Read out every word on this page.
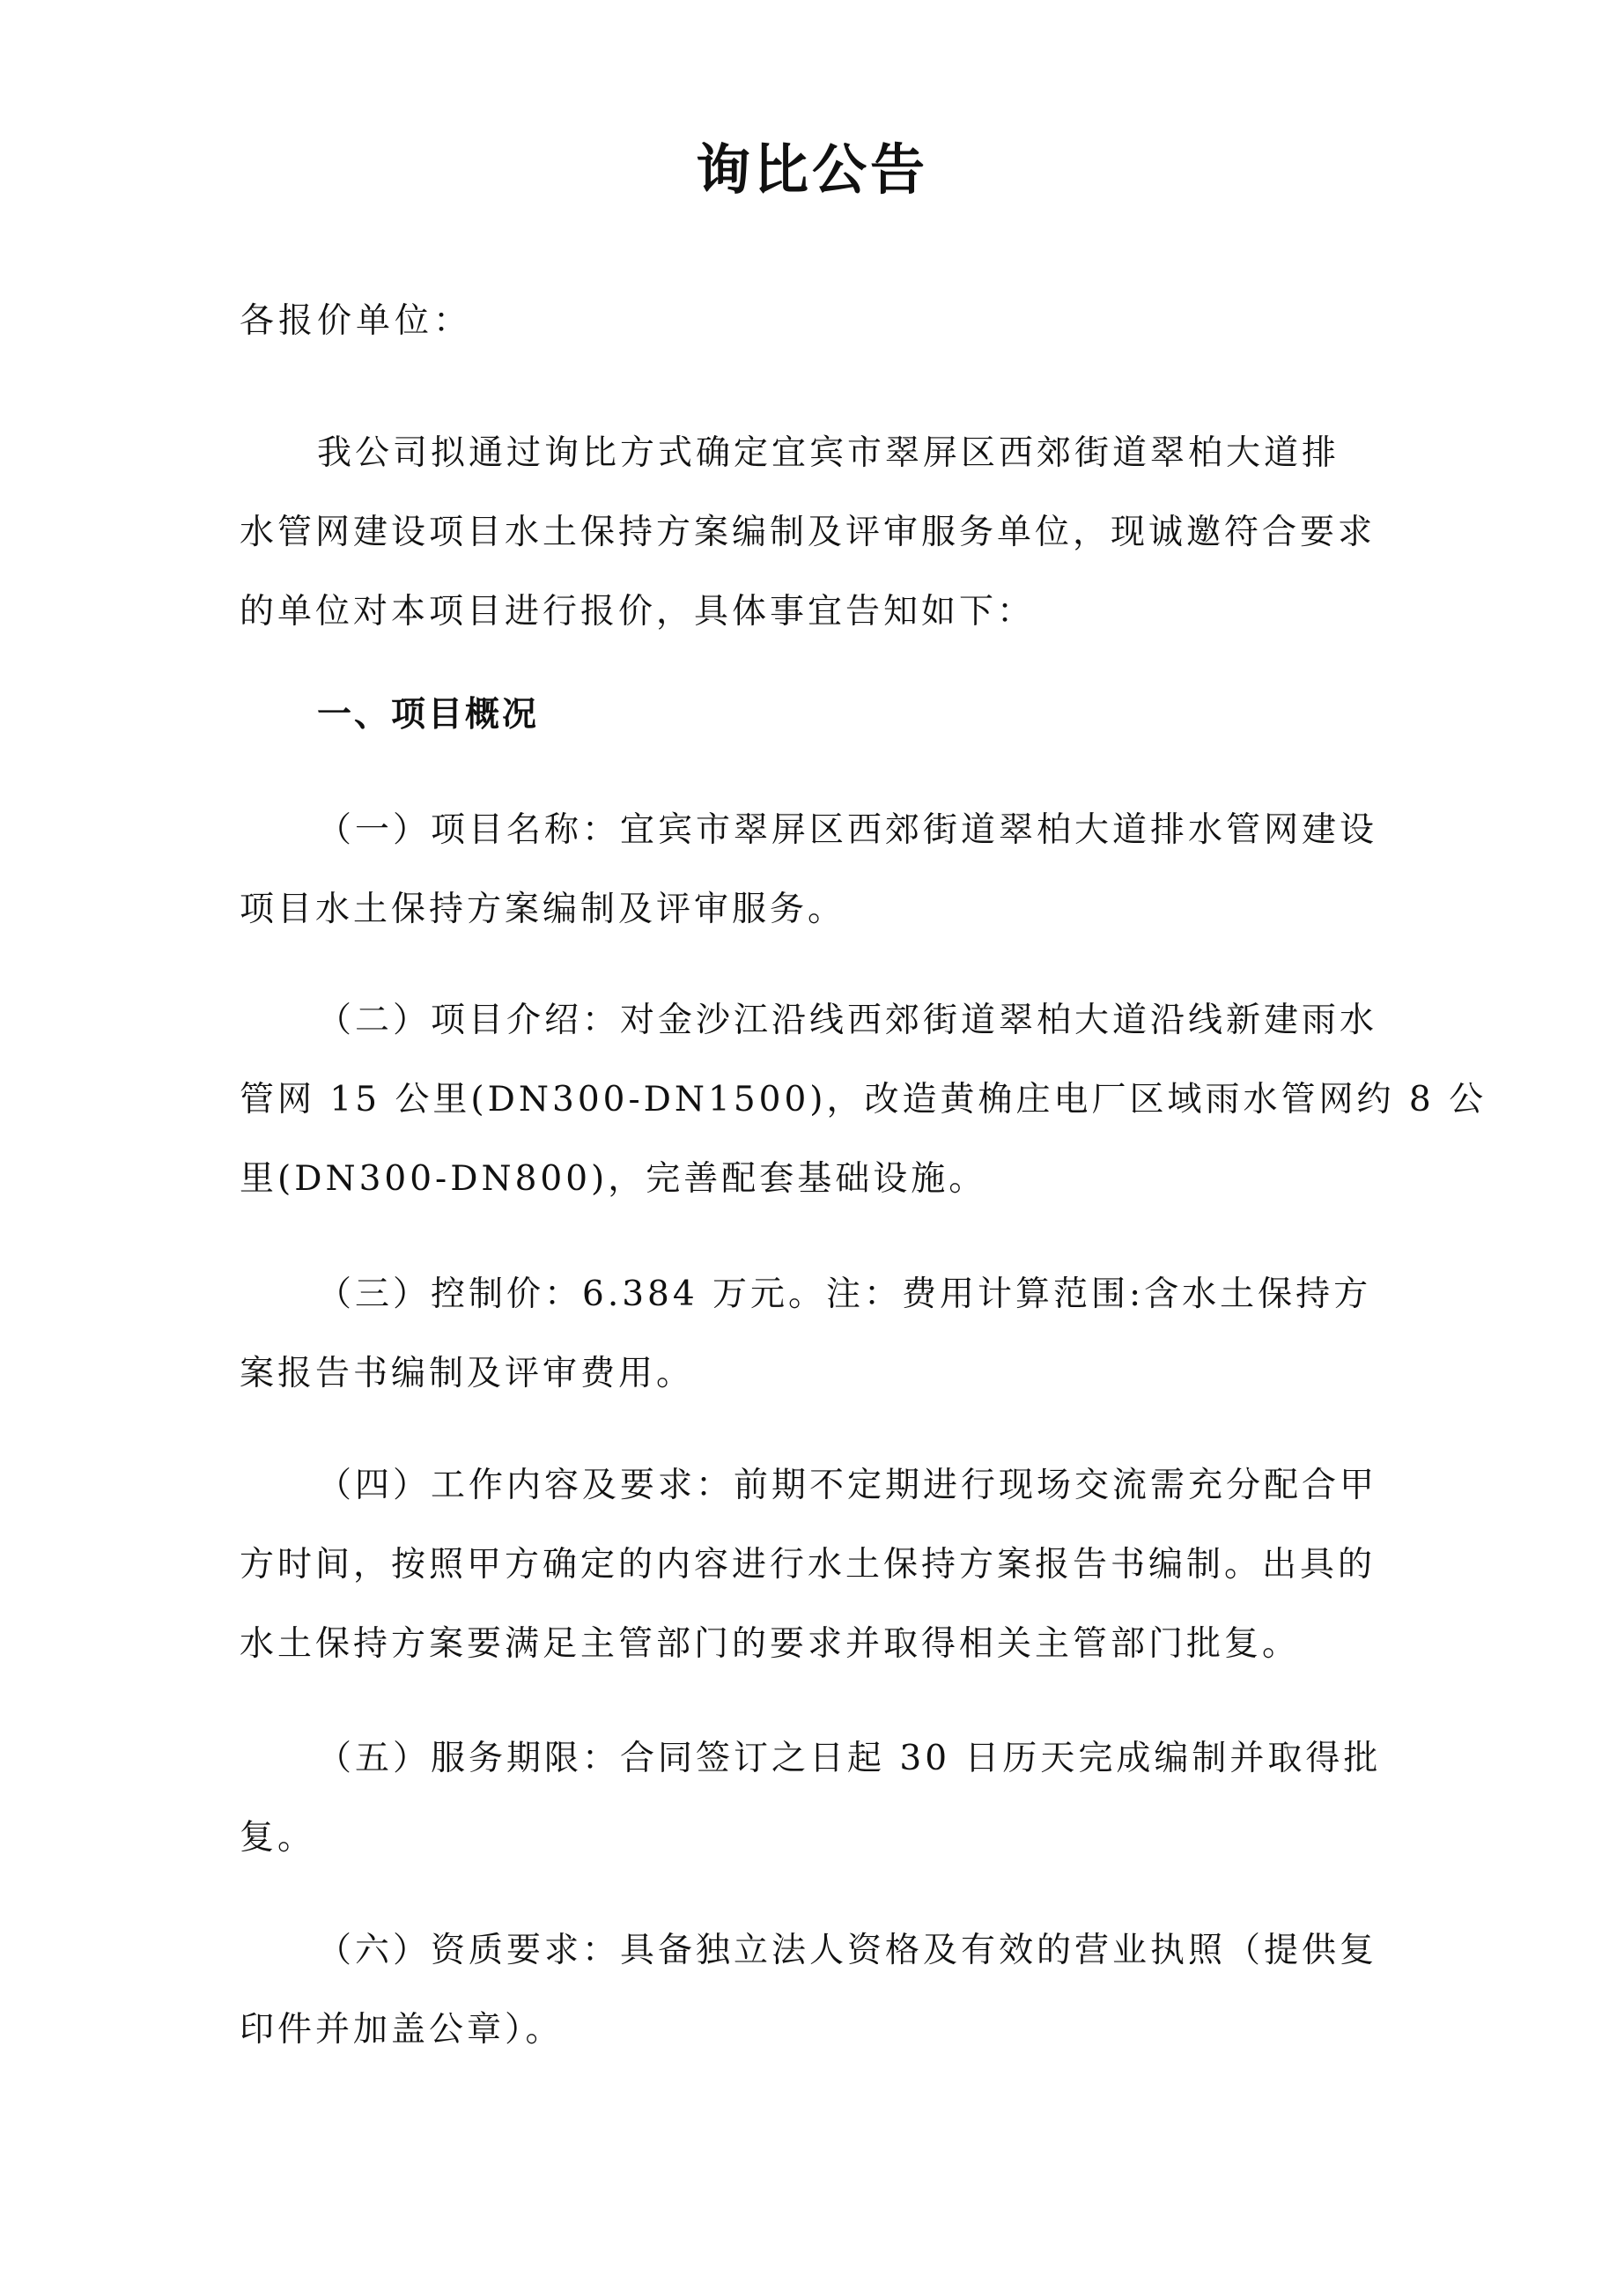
询比公告
各报价单位：
我公司拟通过询比方式确定宜宾市翠屏区西郊街道翠柏大道排
水管网建设项目水土保持方案编制及评审服务单位，现诚邀符合要求
的单位对本项目进行报价，具体事宜告知如下：
一、项目概况
（一）项目名称：宜宾市翠屏区西郊街道翠柏大道排水管网建设
项目水土保持方案编制及评审服务。
（二）项目介绍：对金沙江沿线西郊街道翠柏大道沿线新建雨水
管网 15 公里(DN300-DN1500)，改造黄桷庄电厂区域雨水管网约 8 公
里(DN300-DN800)，完善配套基础设施。
（三）控制价：6.384 万元。注：费用计算范围:含水土保持方
案报告书编制及评审费用。
（四）工作内容及要求：前期不定期进行现场交流需充分配合甲
方时间，按照甲方确定的内容进行水土保持方案报告书编制。出具的
水土保持方案要满足主管部门的要求并取得相关主管部门批复。
（五）服务期限：合同签订之日起 30 日历天完成编制并取得批
复。
（六）资质要求：具备独立法人资格及有效的营业执照（提供复
印件并加盖公章）。
